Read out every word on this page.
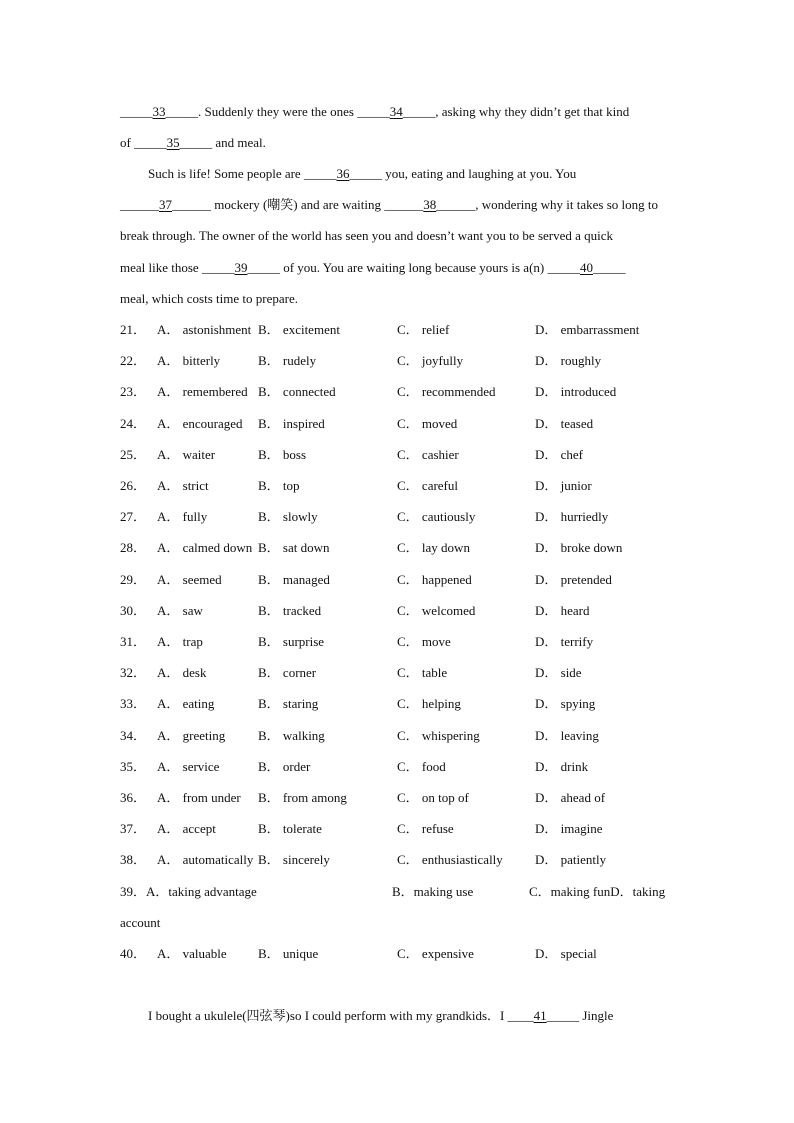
_____33_____. Suddenly they were the ones _____34_____, asking why they didn’t get that kind
of _____35_____ and meal.
Such is life! Some people are _____36_____ you, eating and laughing at you. You
______37______ mockery (嘲笑) and are waiting ______38______, wondering why it takes so long to
break through. The owner of the world has seen you and doesn’t want you to be served a quick
meal like those _____39_____ of you. You are waiting long because yours is a(n) _____40_____
meal, which costs time to prepare.
21． A． astonishment B． excitement	C． relief	D． embarrassment
22． A． bitterly	B． rudely	C． joyfully	D． roughly
23． A． remembered B． connected	C． recommended	D． introduced
24． A． encouraged B． inspired	C． moved	D． teased
25． A． waiter	B． boss	C． cashier	D． chef
26． A． strict	B． top	C． careful	D． junior
27． A． fully	B． slowly	C． cautiously	D． hurriedly
28． A． calmed down B． sat down	C． lay down	D． broke down
29． A． seemed	B． managed	C． happened	D． pretended
30． A． saw	B． tracked	C． welcomed	D． heard
31． A． trap	B． surprise	C． move	D． terrify
32． A． desk	B． corner	C． table	D． side
33． A． eating	B． staring	C． helping	D． spying
34． A． greeting	B． walking	C． whispering	D． leaving
35． A． service	B． order	C． food	D． drink
36． A． from under B． from among	C． on top of	D． ahead of
37． A． accept	B． tolerate	C． refuse	D． imagine
38． A． automatically B． sincerely	C． enthusiastically D． patiently
39．A．taking advantage	B．making use	C．making funD．taking
account
40． A． valuable B． unique	C． expensive	D． special
I bought a ukulele(四弦琴)so I could perform with my grandkids．I ____41_____ Jingle
